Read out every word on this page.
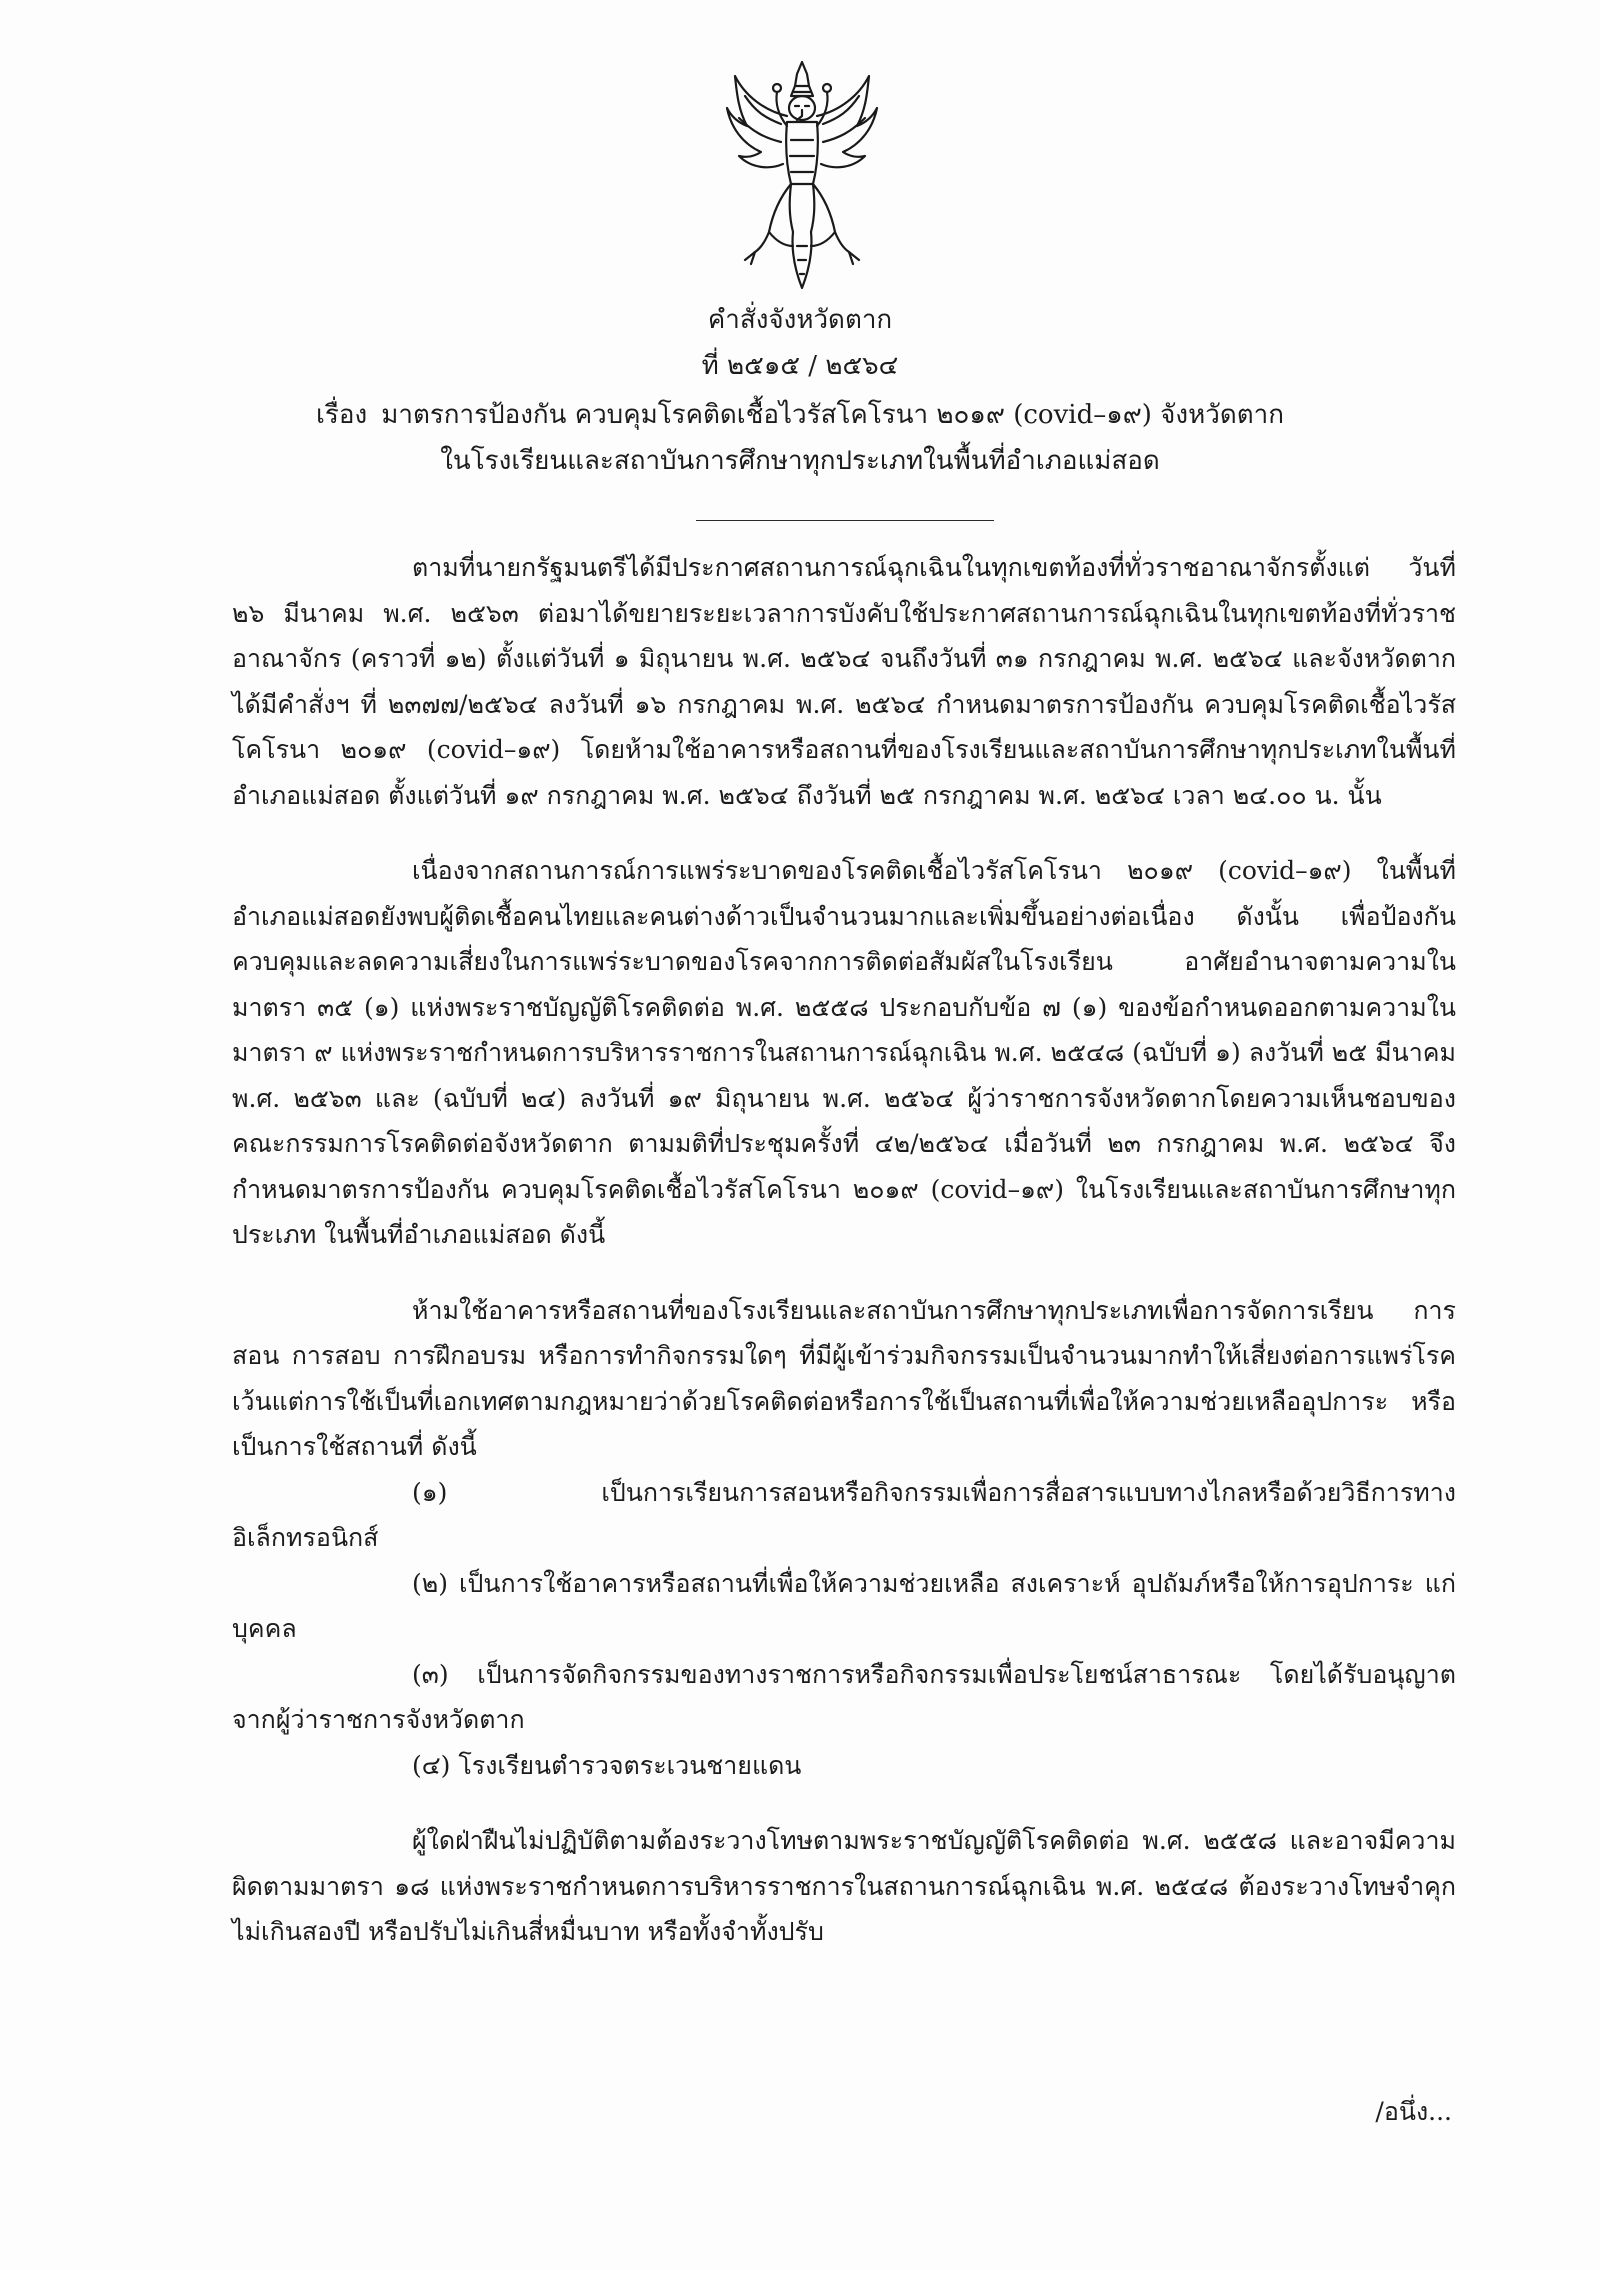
คำสั่งจังหวัดตาก
ที่ ๒๕๑๕ / ๒๕๖๔
เรื่อง มาตรการป้องกัน ควบคุมโรคติดเชื้อไวรัสโคโรนา ๒๐๑๙ (covid–๑๙) จังหวัดตาก
ในโรงเรียนและสถาบันการศึกษาทุกประเภทในพื้นที่อำเภอแม่สอด

ตามที่นายกรัฐมนตรีได้มีประกาศสถานการณ์ฉุกเฉินในทุกเขตท้องที่ทั่วราชอาณาจักรตั้งแต่ วันที่ ๒๖ มีนาคม พ.ศ. ๒๕๖๓ ต่อมาได้ขยายระยะเวลาการบังคับใช้ประกาศสถานการณ์ฉุกเฉินในทุกเขตท้องที่ทั่วราชอาณาจักร (คราวที่ ๑๒) ตั้งแต่วันที่ ๑ มิถุนายน พ.ศ. ๒๕๖๔ จนถึงวันที่ ๓๑ กรกฎาคม พ.ศ. ๒๕๖๔ และจังหวัดตากได้มีคำสั่งฯ ที่ ๒๓๗๗/๒๕๖๔ ลงวันที่ ๑๖ กรกฎาคม พ.ศ. ๒๕๖๔ กำหนดมาตรการป้องกัน ควบคุมโรคติดเชื้อไวรัสโคโรนา ๒๐๑๙ (covid–๑๙) โดยห้ามใช้อาคารหรือสถานที่ของโรงเรียนและสถาบันการศึกษาทุกประเภทในพื้นที่อำเภอแม่สอด ตั้งแต่วันที่ ๑๙ กรกฎาคม พ.ศ. ๒๕๖๔ ถึงวันที่ ๒๕ กรกฎาคม พ.ศ. ๒๕๖๔ เวลา ๒๔.๐๐ น. นั้น

เนื่องจากสถานการณ์การแพร่ระบาดของโรคติดเชื้อไวรัสโคโรนา ๒๐๑๙ (covid–๑๙) ในพื้นที่อำเภอแม่สอดยังพบผู้ติดเชื้อคนไทยและคนต่างด้าวเป็นจำนวนมากและเพิ่มขึ้นอย่างต่อเนื่อง ดังนั้น เพื่อป้องกัน ควบคุมและลดความเสี่ยงในการแพร่ระบาดของโรคจากการติดต่อสัมผัสในโรงเรียน อาศัยอำนาจตามความในมาตรา ๓๕ (๑) แห่งพระราชบัญญัติโรคติดต่อ พ.ศ. ๒๕๕๘ ประกอบกับข้อ ๗ (๑) ของข้อกำหนดออกตามความในมาตรา ๙ แห่งพระราชกำหนดการบริหารราชการในสถานการณ์ฉุกเฉิน พ.ศ. ๒๕๔๘ (ฉบับที่ ๑) ลงวันที่ ๒๕ มีนาคม พ.ศ. ๒๕๖๓ และ (ฉบับที่ ๒๔) ลงวันที่ ๑๙ มิถุนายน พ.ศ. ๒๕๖๔ ผู้ว่าราชการจังหวัดตากโดยความเห็นชอบของคณะกรรมการโรคติดต่อจังหวัดตาก ตามมติที่ประชุมครั้งที่ ๔๒/๒๕๖๔ เมื่อวันที่ ๒๓ กรกฎาคม พ.ศ. ๒๕๖๔ จึงกำหนดมาตรการป้องกัน ควบคุมโรคติดเชื้อไวรัสโคโรนา ๒๐๑๙ (covid–๑๙) ในโรงเรียนและสถาบันการศึกษาทุกประเภท ในพื้นที่อำเภอแม่สอด ดังนี้

ห้ามใช้อาคารหรือสถานที่ของโรงเรียนและสถาบันการศึกษาทุกประเภทเพื่อการจัดการเรียน การสอน การสอบ การฝึกอบรม หรือการทำกิจกรรมใดๆ ที่มีผู้เข้าร่วมกิจกรรมเป็นจำนวนมากทำให้เสี่ยงต่อการแพร่โรค เว้นแต่การใช้เป็นที่เอกเทศตามกฎหมายว่าด้วยโรคติดต่อหรือการใช้เป็นสถานที่เพื่อให้ความช่วยเหลืออุปการะ หรือเป็นการใช้สถานที่ ดังนี้

(๑) เป็นการเรียนการสอนหรือกิจกรรมเพื่อการสื่อสารแบบทางไกลหรือด้วยวิธีการทางอิเล็กทรอนิกส์

(๒) เป็นการใช้อาคารหรือสถานที่เพื่อให้ความช่วยเหลือ สงเคราะห์ อุปถัมภ์หรือให้การอุปการะ แก่บุคคล

(๓) เป็นการจัดกิจกรรมของทางราชการหรือกิจกรรมเพื่อประโยชน์สาธารณะ โดยได้รับอนุญาต จากผู้ว่าราชการจังหวัดตาก

(๔) โรงเรียนตำรวจตระเวนชายแดน

ผู้ใดฝ่าฝืนไม่ปฏิบัติตามต้องระวางโทษตามพระราชบัญญัติโรคติดต่อ พ.ศ. ๒๕๕๘ และอาจมีความผิดตามมาตรา ๑๘ แห่งพระราชกำหนดการบริหารราชการในสถานการณ์ฉุกเฉิน พ.ศ. ๒๕๔๘ ต้องระวางโทษจำคุกไม่เกินสองปี หรือปรับไม่เกินสี่หมื่นบาท หรือทั้งจำทั้งปรับ

/อนึ่ง...
